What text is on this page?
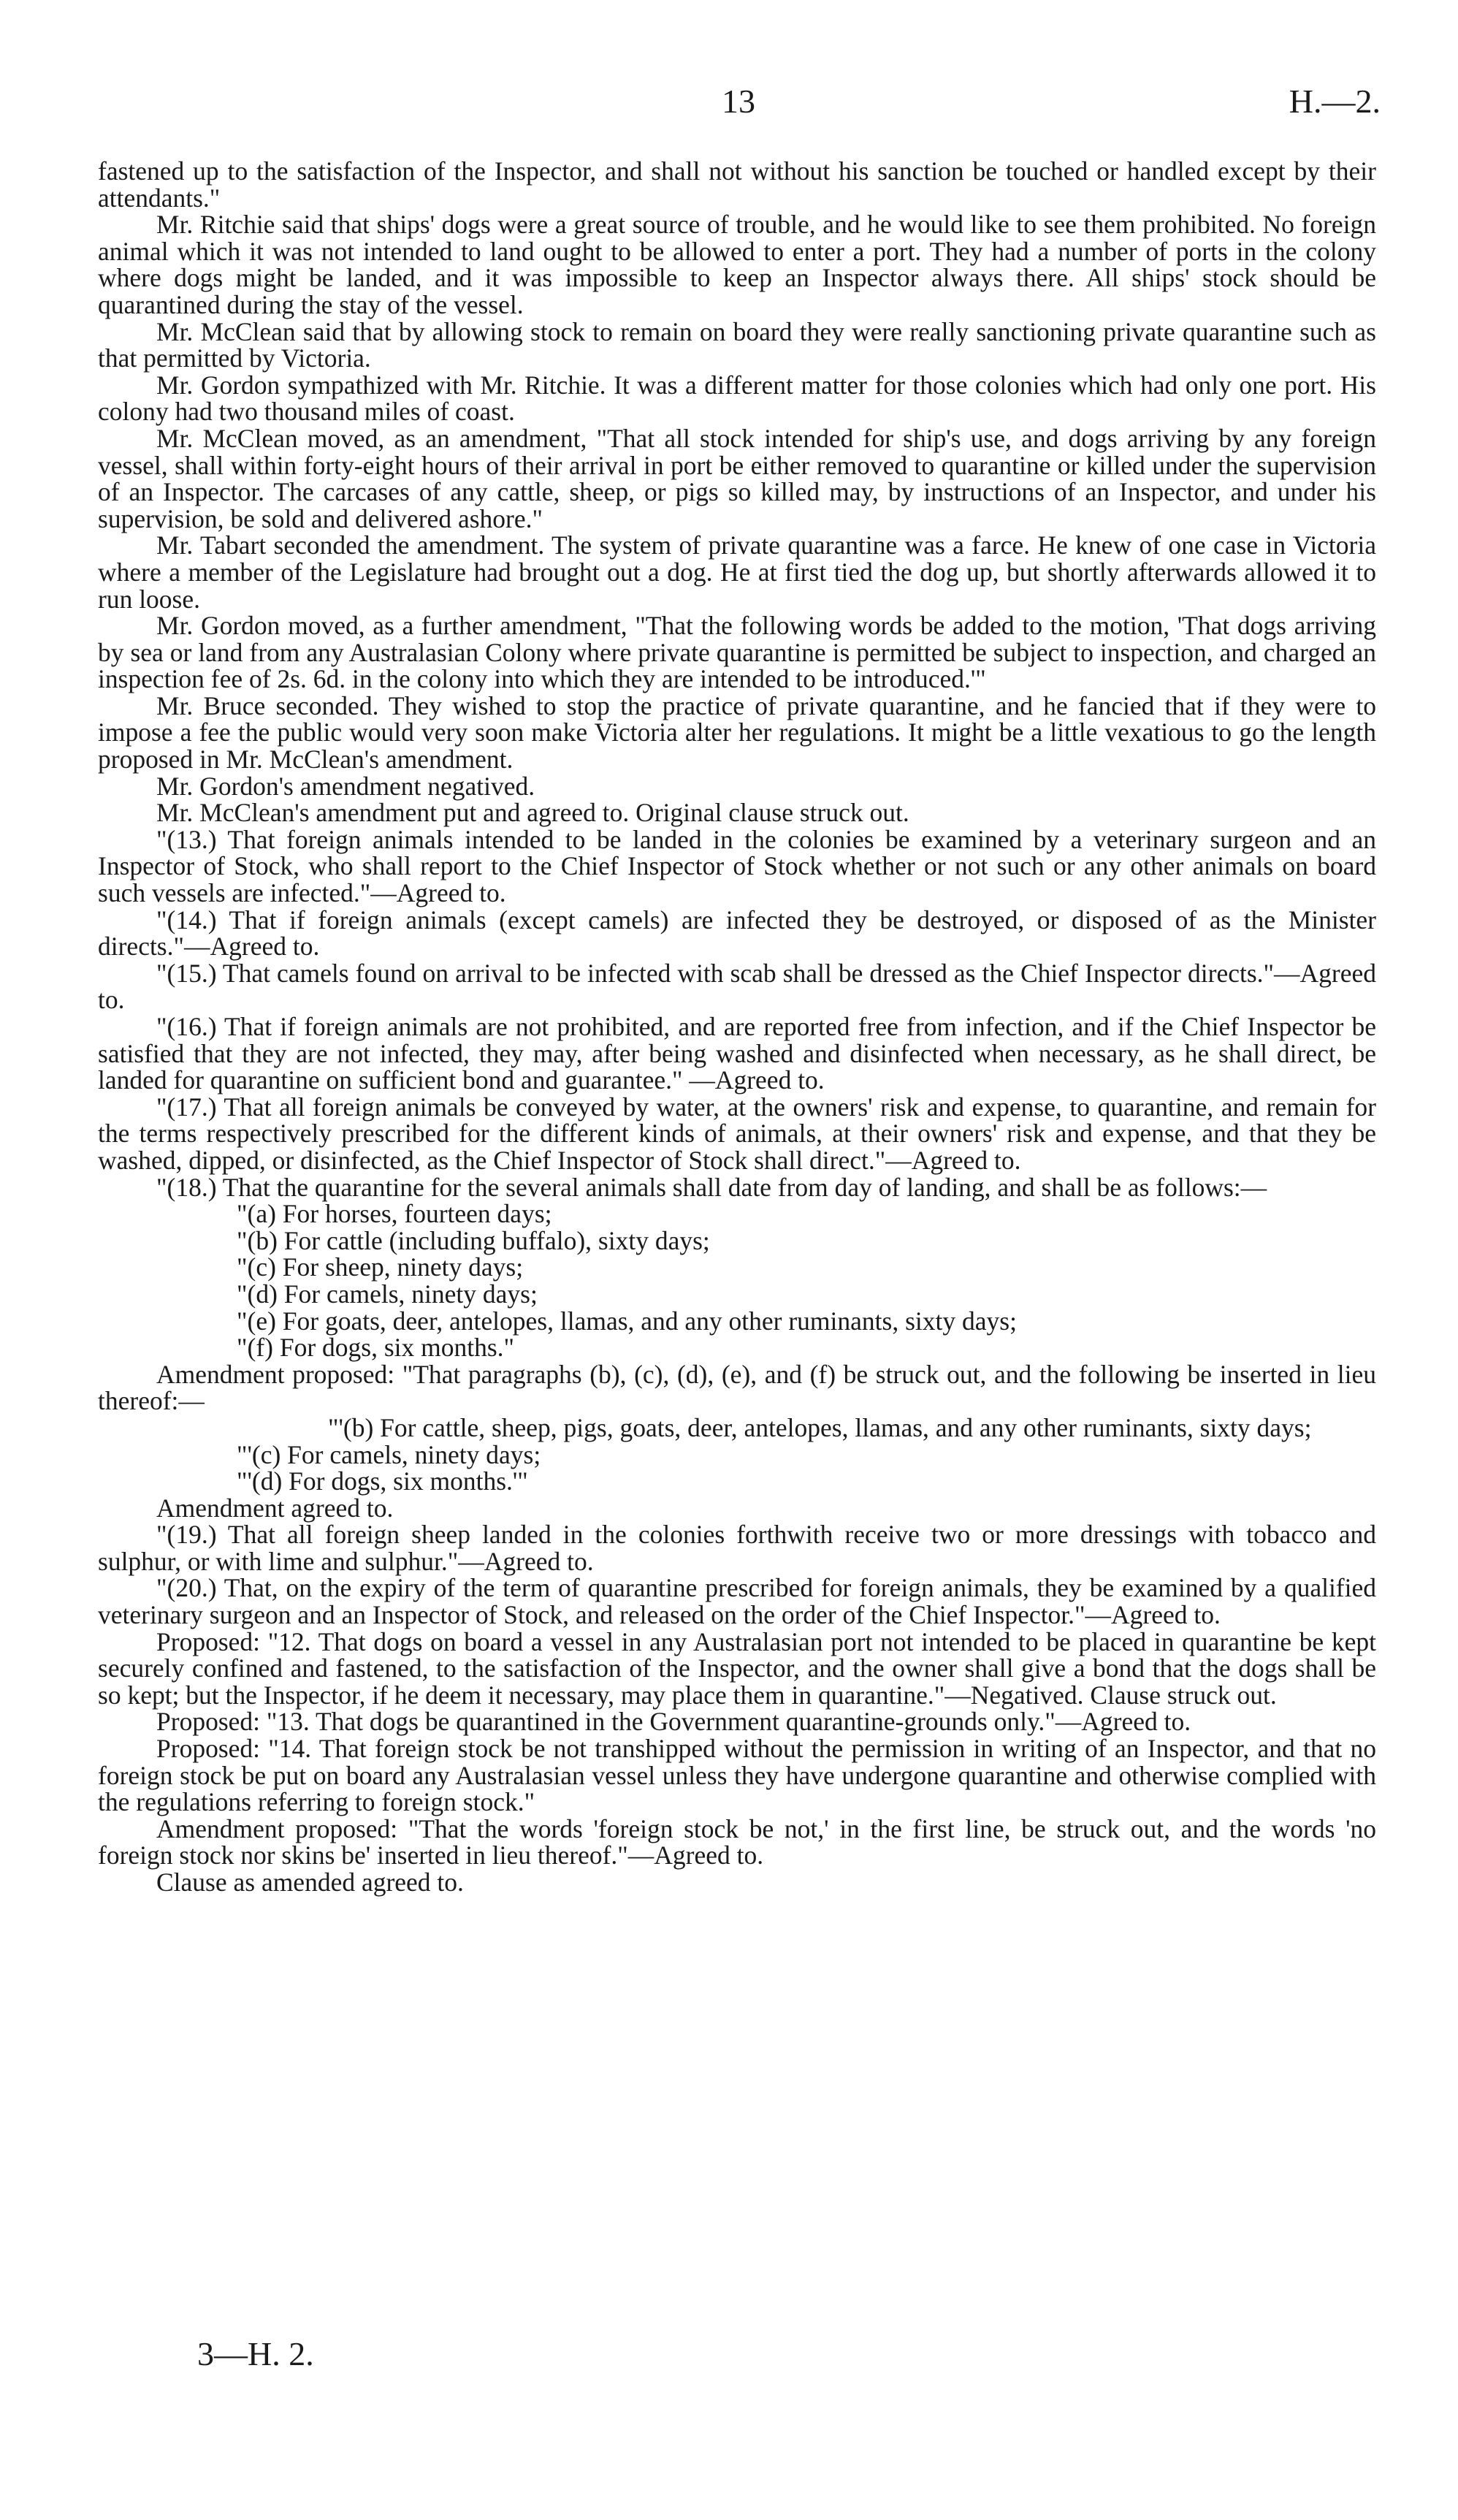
13	H.—2.

fastened up to the satisfaction of the Inspector, and shall not without his sanction be touched or handled except by their attendants."

Mr. Ritchie said that ships' dogs were a great source of trouble, and he would like to see them prohibited. No foreign animal which it was not intended to land ought to be allowed to enter a port. They had a number of ports in the colony where dogs might be landed, and it was impossible to keep an Inspector always there. All ships' stock should be quarantined during the stay of the vessel.

Mr. McClean said that by allowing stock to remain on board they were really sanctioning private quarantine such as that permitted by Victoria.

Mr. Gordon sympathized with Mr. Ritchie. It was a different matter for those colonies which had only one port. His colony had two thousand miles of coast.

Mr. McClean moved, as an amendment, "That all stock intended for ship's use, and dogs arriving by any foreign vessel, shall within forty-eight hours of their arrival in port be either removed to quarantine or killed under the supervision of an Inspector. The carcases of any cattle, sheep, or pigs so killed may, by instructions of an Inspector, and under his supervision, be sold and delivered ashore."

Mr. Tabart seconded the amendment. The system of private quarantine was a farce. He knew of one case in Victoria where a member of the Legislature had brought out a dog. He at first tied the dog up, but shortly afterwards allowed it to run loose.

Mr. Gordon moved, as a further amendment, "That the following words be added to the motion, 'That dogs arriving by sea or land from any Australasian Colony where private quarantine is permitted be subject to inspection, and charged an inspection fee of 2s. 6d. in the colony into which they are intended to be introduced.'"

Mr. Bruce seconded. They wished to stop the practice of private quarantine, and he fancied that if they were to impose a fee the public would very soon make Victoria alter her regulations. It might be a little vexatious to go the length proposed in Mr. McClean's amendment.

Mr. Gordon's amendment negatived.

Mr. McClean's amendment put and agreed to. Original clause struck out.

"(13.) That foreign animals intended to be landed in the colonies be examined by a veterinary surgeon and an Inspector of Stock, who shall report to the Chief Inspector of Stock whether or not such or any other animals on board such vessels are infected."—Agreed to.

"(14.) That if foreign animals (except camels) are infected they be destroyed, or disposed of as the Minister directs."—Agreed to.

"(15.) That camels found on arrival to be infected with scab shall be dressed as the Chief Inspector directs."—Agreed to.

"(16.) That if foreign animals are not prohibited, and are reported free from infection, and if the Chief Inspector be satisfied that they are not infected, they may, after being washed and disinfected when necessary, as he shall direct, be landed for quarantine on sufficient bond and guarantee." —Agreed to.

"(17.) That all foreign animals be conveyed by water, at the owners' risk and expense, to quarantine, and remain for the terms respectively prescribed for the different kinds of animals, at their owners' risk and expense, and that they be washed, dipped, or disinfected, as the Chief Inspector of Stock shall direct."—Agreed to.

"(18.) That the quarantine for the several animals shall date from day of landing, and shall be as follows:—

"(a) For horses, fourteen days;

"(b) For cattle (including buffalo), sixty days;

"(c) For sheep, ninety days;

"(d) For camels, ninety days;

"(e) For goats, deer, antelopes, llamas, and any other ruminants, sixty days;

"(f) For dogs, six months."

Amendment proposed: "That paragraphs (b), (c), (d), (e), and (f) be struck out, and the following be inserted in lieu thereof:—

"'(b) For cattle, sheep, pigs, goats, deer, antelopes, llamas, and any other ruminants, sixty days;

"'(c) For camels, ninety days;

"'(d) For dogs, six months.'"

Amendment agreed to.

"(19.) That all foreign sheep landed in the colonies forthwith receive two or more dressings with tobacco and sulphur, or with lime and sulphur."—Agreed to.

"(20.) That, on the expiry of the term of quarantine prescribed for foreign animals, they be examined by a qualified veterinary surgeon and an Inspector of Stock, and released on the order of the Chief Inspector."—Agreed to.

Proposed: "12. That dogs on board a vessel in any Australasian port not intended to be placed in quarantine be kept securely confined and fastened, to the satisfaction of the Inspector, and the owner shall give a bond that the dogs shall be so kept; but the Inspector, if he deem it necessary, may place them in quarantine."—Negatived. Clause struck out.

Proposed: "13. That dogs be quarantined in the Government quarantine-grounds only."—Agreed to.

Proposed: "14. That foreign stock be not transhipped without the permission in writing of an Inspector, and that no foreign stock be put on board any Australasian vessel unless they have undergone quarantine and otherwise complied with the regulations referring to foreign stock."

Amendment proposed: "That the words 'foreign stock be not,' in the first line, be struck out, and the words 'no foreign stock nor skins be' inserted in lieu thereof."—Agreed to.

Clause as amended agreed to.

3—H. 2.
